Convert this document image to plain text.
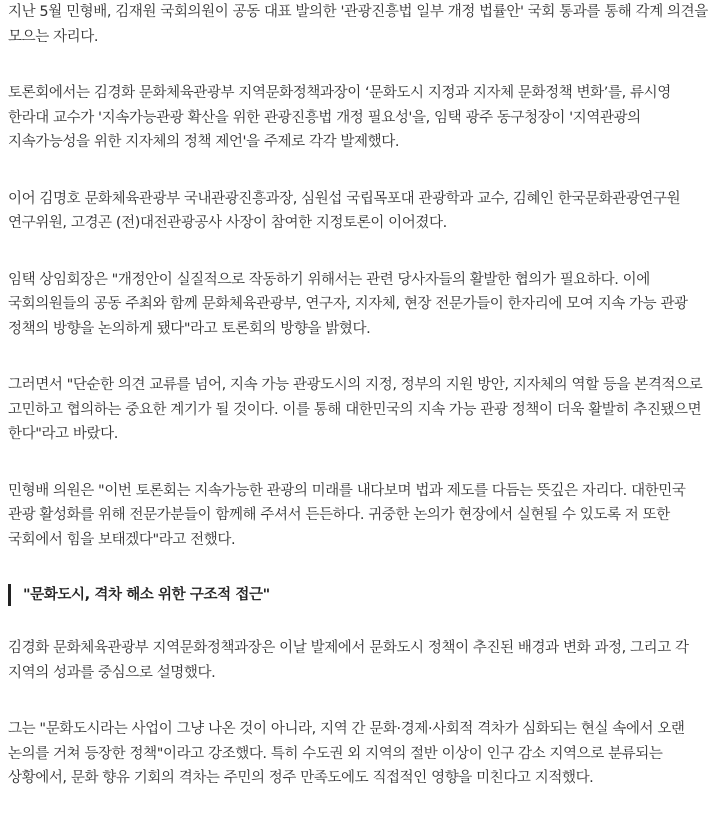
지난 5월 민형배, 김재원 국회의원이 공동 대표 발의한 '관광진흥법 일부 개정 법률안' 국회 통과를 통해 각계 의견을 모으는 자리다.

토론회에서는 김경화 문화체육관광부 지역문화정책과장이 ‘문화도시 지정과 지자체 문화정책 변화’를, 류시영 한라대 교수가 '지속가능관광 확산을 위한 관광진흥법 개정 필요성'을, 임택 광주 동구청장이 '지역관광의 지속가능성을 위한 지자체의 정책 제언'을 주제로 각각 발제했다.

이어 김명호 문화체육관광부 국내관광진흥과장, 심원섭 국립목포대 관광학과 교수, 김혜인 한국문화관광연구원 연구위원, 고경곤 (전)대전관광공사 사장이 참여한 지정토론이 이어졌다.

임택 상임회장은 "개정안이 실질적으로 작동하기 위해서는 관련 당사자들의 활발한 협의가 필요하다. 이에 국회의원들의 공동 주최와 함께 문화체육관광부, 연구자, 지자체, 현장 전문가들이 한자리에 모여 지속 가능 관광 정책의 방향을 논의하게 됐다"라고 토론회의 방향을 밝혔다.

그러면서 "단순한 의견 교류를 넘어, 지속 가능 관광도시의 지정, 정부의 지원 방안, 지자체의 역할 등을 본격적으로 고민하고 협의하는 중요한 계기가 될 것이다. 이를 통해 대한민국의 지속 가능 관광 정책이 더욱 활발히 추진됐으면 한다"라고 바랐다.

민형배 의원은 "이번 토론회는 지속가능한 관광의 미래를 내다보며 법과 제도를 다듬는 뜻깊은 자리다. 대한민국 관광 활성화를 위해 전문가분들이 함께해 주셔서 든든하다. 귀중한 논의가 현장에서 실현될 수 있도록 저 또한 국회에서 힘을 보태겠다"라고 전했다.

"문화도시, 격차 해소 위한 구조적 접근"

김경화 문화체육관광부 지역문화정책과장은 이날 발제에서 문화도시 정책이 추진된 배경과 변화 과정, 그리고 각 지역의 성과를 중심으로 설명했다.

그는 "문화도시라는 사업이 그냥 나온 것이 아니라, 지역 간 문화·경제·사회적 격차가 심화되는 현실 속에서 오랜 논의를 거쳐 등장한 정책"이라고 강조했다. 특히 수도권 외 지역의 절반 이상이 인구 감소 지역으로 분류되는 상황에서, 문화 향유 기회의 격차는 주민의 정주 만족도에도 직접적인 영향을 미친다고 지적했다.
